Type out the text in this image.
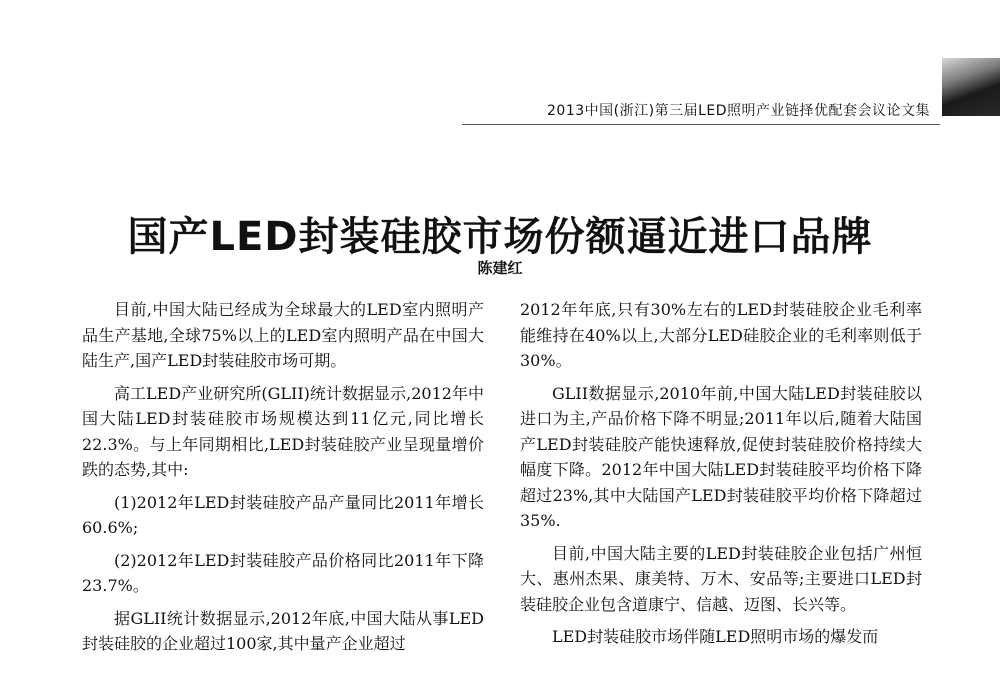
2013中国(浙江)第三届LED照明产业链择优配套会议论文集
国产LED封装硅胶市场份额逼近进口品牌
陈建红

目前,中国大陆已经成为全球最大的LED室内照明产品生产基地,全球75%以上的LED室内照明产品在中国大陆生产,国产LED封装硅胶市场可期。

高工LED产业研究所(GLII)统计数据显示,2012年中国大陆LED封装硅胶市场规模达到11亿元,同比增长22.3%。与上年同期相比,LED封装硅胶产业呈现量增价跌的态势,其中:

(1)2012年LED封装硅胶产品产量同比2011年增长60.6%;

(2)2012年LED封装硅胶产品价格同比2011年下降23.7%。

据GLII统计数据显示,2012年底,中国大陆从事LED封装硅胶的企业超过100家,其中量产企业超过

2012年年底,只有30%左右的LED封装硅胶企业毛利率能维持在40%以上,大部分LED硅胶企业的毛利率则低于30%。

GLII数据显示,2010年前,中国大陆LED封装硅胶以进口为主,产品价格下降不明显;2011年以后,随着大陆国产LED封装硅胶产能快速释放,促使封装硅胶价格持续大幅度下降。2012年中国大陆LED封装硅胶平均价格下降超过23%,其中大陆国产LED封装硅胶平均价格下降超过35%.

目前,中国大陆主要的LED封装硅胶企业包括广州恒大、惠州杰果、康美特、万木、安品等;主要进口LED封装硅胶企业包含道康宁、信越、迈图、长兴等。

LED封装硅胶市场伴随LED照明市场的爆发而
